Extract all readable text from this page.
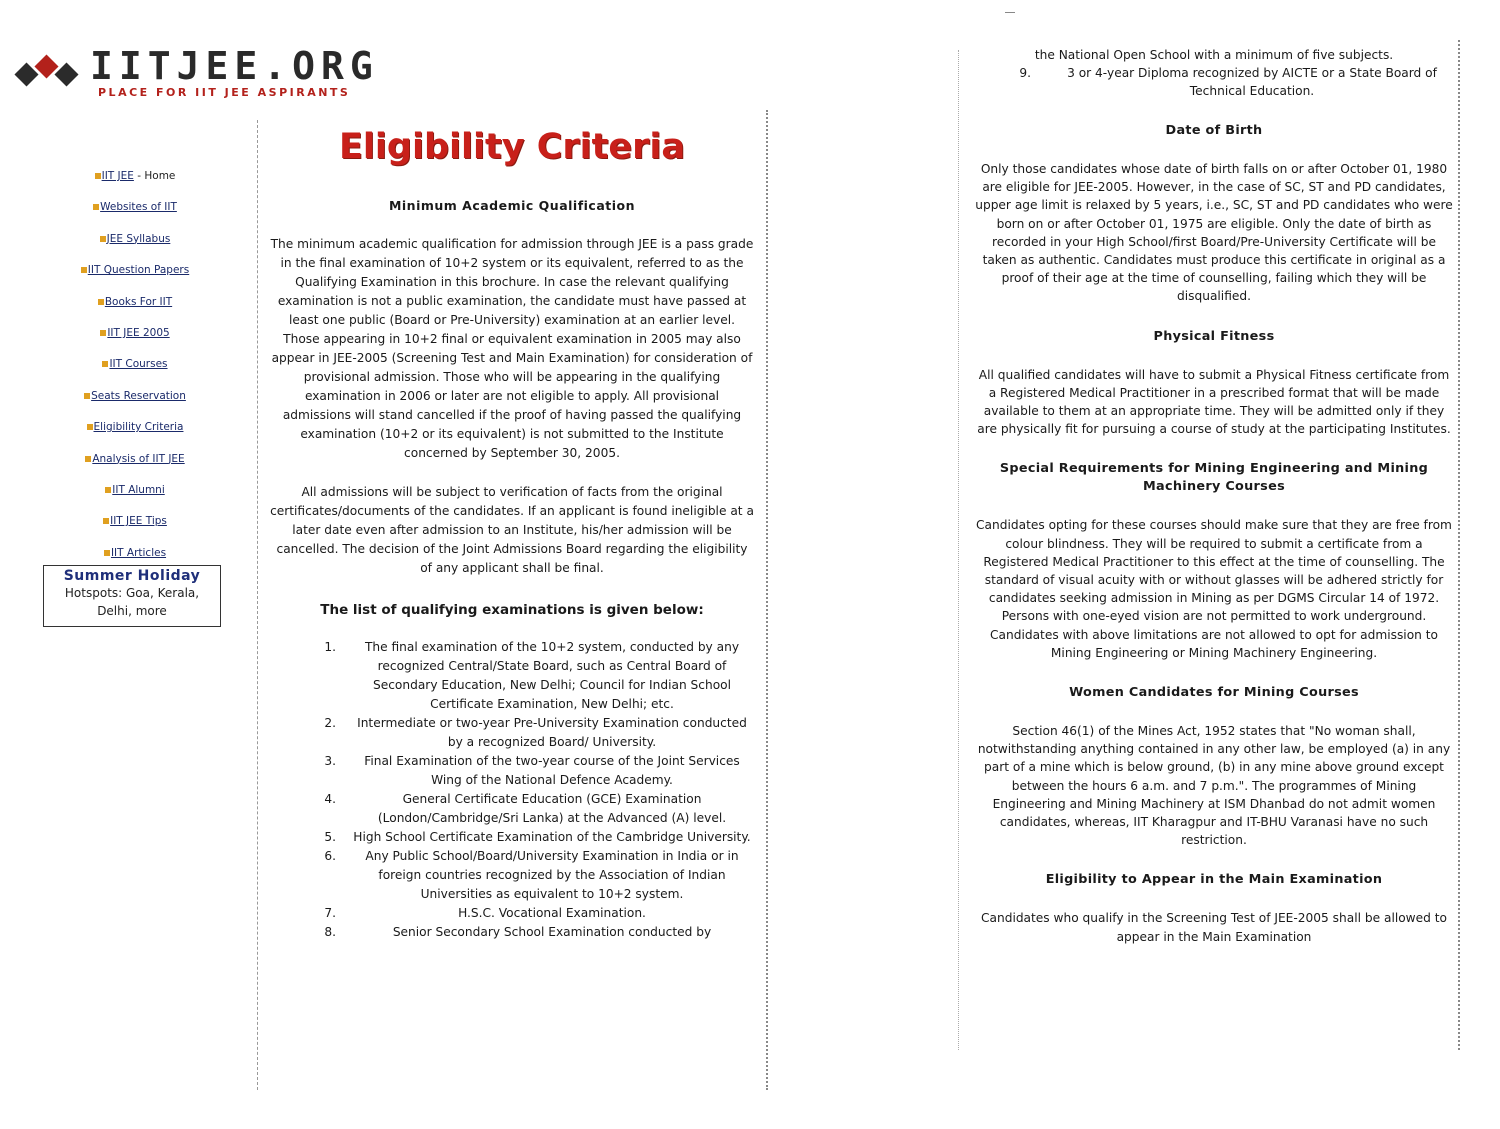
IITJEE.ORG
PLACE FOR IIT JEE ASPIRANTS
IIT JEE - Home
Websites of IIT
JEE Syllabus
IIT Question Papers
Books For IIT
IIT JEE 2005
IIT Courses
Seats Reservation
Eligibility Criteria
Analysis of IIT JEE
IIT Alumni
IIT JEE Tips
IIT Articles
Summer Holiday
Hotspots: Goa, Kerala,
Delhi, more
Eligibility Criteria
Minimum Academic Qualification

The minimum academic qualification for admission through JEE is a pass grade in the final examination of 10+2 system or its equivalent, referred to as the Qualifying Examination in this brochure. In case the relevant qualifying examination is not a public examination, the candidate must have passed at least one public (Board or Pre-University) examination at an earlier level. Those appearing in 10+2 final or equivalent examination in 2005 may also appear in JEE-2005 (Screening Test and Main Examination) for consideration of provisional admission. Those who will be appearing in the qualifying examination in 2006 or later are not eligible to apply. All provisional admissions will stand cancelled if the proof of having passed the qualifying examination (10+2 or its equivalent) is not submitted to the Institute concerned by September 30, 2005.

All admissions will be subject to verification of facts from the original certificates/documents of the candidates. If an applicant is found ineligible at a later date even after admission to an Institute, his/her admission will be cancelled. The decision of the Joint Admissions Board regarding the eligibility of any applicant shall be final.

The list of qualifying examinations is given below:
1.	The final examination of the 10+2 system, conducted by any recognized Central/State Board, such as Central Board of Secondary Education, New Delhi; Council for Indian School Certificate Examination, New Delhi; etc.
2.	Intermediate or two-year Pre-University Examination conducted by a recognized Board/ University.
3.	Final Examination of the two-year course of the Joint Services Wing of the National Defence Academy.
4.	General Certificate Education (GCE) Examination (London/Cambridge/Sri Lanka) at the Advanced (A) level.
5.	High School Certificate Examination of the Cambridge University.
6.	Any Public School/Board/University Examination in India or in foreign countries recognized by the Association of Indian Universities as equivalent to 10+2 system.
7.	H.S.C. Vocational Examination.
8.	Senior Secondary School Examination conducted by

the National Open School with a minimum of five subjects.

9.	3 or 4-year Diploma recognized by AICTE or a State Board of Technical Education.
Date of Birth

Only those candidates whose date of birth falls on or after October 01, 1980 are eligible for JEE-2005. However, in the case of SC, ST and PD candidates, upper age limit is relaxed by 5 years, i.e., SC, ST and PD candidates who were born on or after October 01, 1975 are eligible. Only the date of birth as recorded in your High School/first Board/Pre-University Certificate will be taken as authentic. Candidates must produce this certificate in original as a proof of their age at the time of counselling, failing which they will be disqualified.

Physical Fitness

All qualified candidates will have to submit a Physical Fitness certificate from a Registered Medical Practitioner in a prescribed format that will be made available to them at an appropriate time. They will be admitted only if they are physically fit for pursuing a course of study at the participating Institutes.

Special Requirements for Mining Engineering and Mining Machinery Courses

Candidates opting for these courses should make sure that they are free from colour blindness. They will be required to submit a certificate from a Registered Medical Practitioner to this effect at the time of counselling. The standard of visual acuity with or without glasses will be adhered strictly for candidates seeking admission in Mining as per DGMS Circular 14 of 1972. Persons with one-eyed vision are not permitted to work underground. Candidates with above limitations are not allowed to opt for admission to Mining Engineering or Mining Machinery Engineering.

Women Candidates for Mining Courses

Section 46(1) of the Mines Act, 1952 states that "No woman shall, notwithstanding anything contained in any other law, be employed (a) in any part of a mine which is below ground, (b) in any mine above ground except between the hours 6 a.m. and 7 p.m.". The programmes of Mining Engineering and Mining Machinery at ISM Dhanbad do not admit women candidates, whereas, IIT Kharagpur and IT-BHU Varanasi have no such restriction.

Eligibility to Appear in the Main Examination

Candidates who qualify in the Screening Test of JEE-2005 shall be allowed to appear in the Main Examination
